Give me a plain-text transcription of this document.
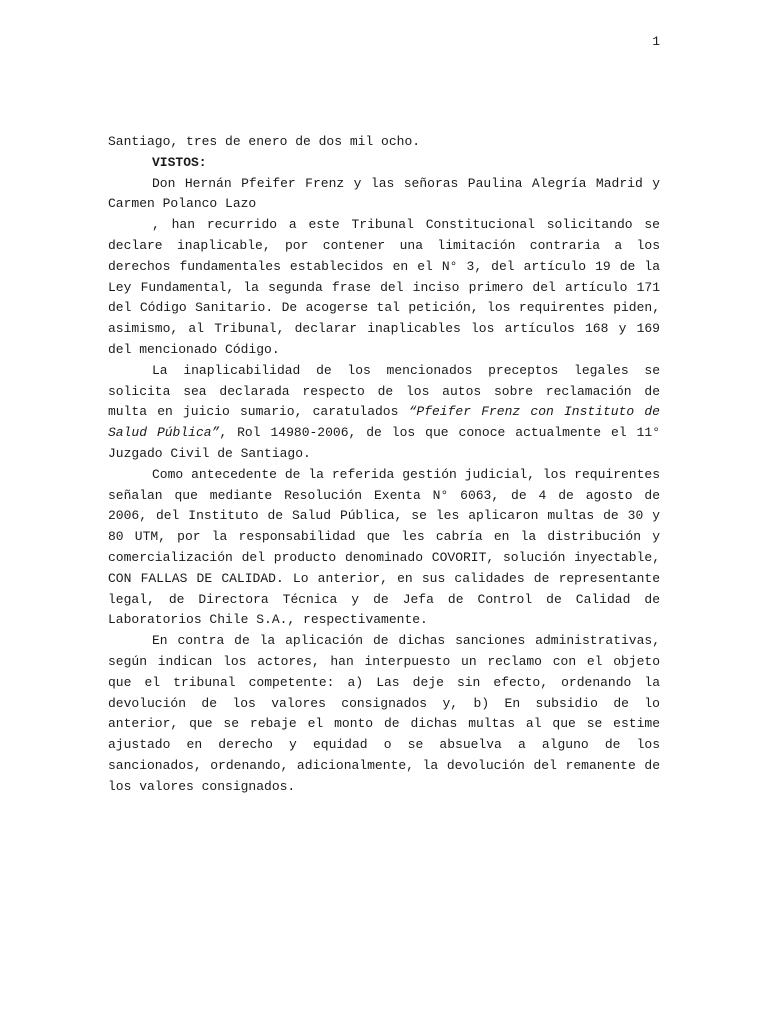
1

Santiago, tres de enero de dos mil ocho.

VISTOS:

Don Hernán Pfeifer Frenz y las señoras Paulina Alegría Madrid y Carmen Polanco Lazo

, han recurrido a este Tribunal Constitucional solicitando se declare inaplicable, por contener una limitación contraria a los derechos fundamentales establecidos en el N° 3, del artículo 19 de la Ley Fundamental, la segunda frase del inciso primero del artículo 171 del Código Sanitario. De acogerse tal petición, los requirentes piden, asimismo, al Tribunal, declarar inaplicables los artículos 168 y 169 del mencionado Código.

La inaplicabilidad de los mencionados preceptos legales se solicita sea declarada respecto de los autos sobre reclamación de multa en juicio sumario, caratulados “Pfeifer Frenz con Instituto de Salud Pública”, Rol 14980-2006, de los que conoce actualmente el 11° Juzgado Civil de Santiago.

Como antecedente de la referida gestión judicial, los requirentes señalan que mediante Resolución Exenta N° 6063, de 4 de agosto de 2006, del Instituto de Salud Pública, se les aplicaron multas de 30 y 80 UTM, por la responsabilidad que les cabría en la distribución y comercialización del producto denominado COVORIT, solución inyectable, CON FALLAS DE CALIDAD. Lo anterior, en sus calidades de representante legal, de Directora Técnica y de Jefa de Control de Calidad de Laboratorios Chile S.A., respectivamente.

En contra de la aplicación de dichas sanciones administrativas, según indican los actores, han interpuesto un reclamo con el objeto que el tribunal competente: a) Las deje sin efecto, ordenando la devolución de los valores consignados y, b) En subsidio de lo anterior, que se rebaje el monto de dichas multas al que se estime ajustado en derecho y equidad o se absuelva a alguno de los sancionados, ordenando, adicionalmente, la devolución del remanente de los valores consignados.
